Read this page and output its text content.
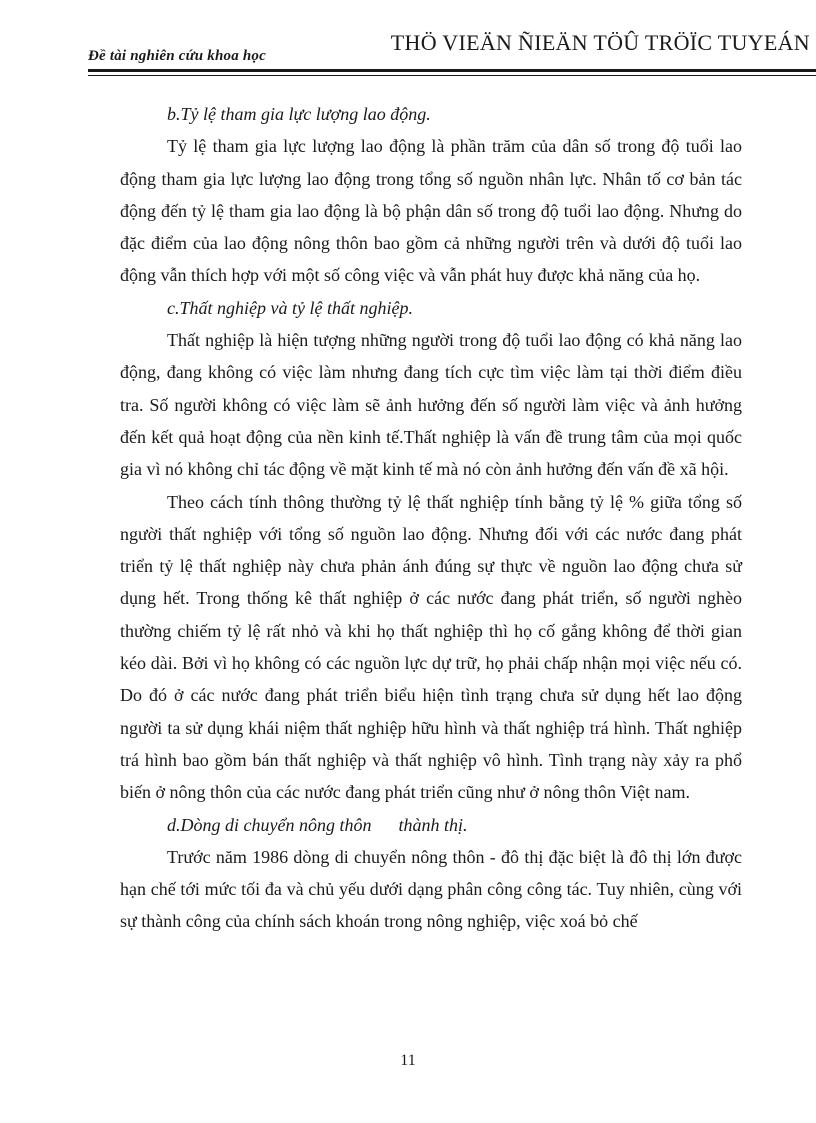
Đề tài nghiên cứu khoa học
THÖ VIEÄN ÑIEÄN TÖÛ TRÖÏC TUYEÁN

b.Tỷ lệ tham gia lực lượng lao động.

Tỷ lệ tham gia lực lượng lao động là phần trăm của dân số trong độ tuổi lao động tham gia lực lượng lao động trong tổng số nguồn nhân lực. Nhân tố cơ bản tác động đến tỷ lệ tham gia lao động là bộ phận dân số trong độ tuổi lao động. Nhưng do đặc điểm của lao động nông thôn bao gồm cả những người trên và dưới độ tuổi lao động vẫn thích hợp với một số công việc và vẫn phát huy được khả năng của họ.

c.Thất nghiệp và tỷ lệ thất nghiệp.

Thất nghiệp là hiện tượng những người trong độ tuổi lao động có khả năng lao động, đang không có việc làm nhưng đang tích cực tìm việc làm tại thời điểm điều tra. Số người không có việc làm sẽ ảnh hưởng đến số người làm việc và ảnh hưởng đến kết quả hoạt động của nền kinh tế.Thất nghiệp là vấn đề trung tâm của mọi quốc gia vì nó không chỉ tác động về mặt kinh tế mà nó còn ảnh hưởng đến vấn đề xã hội.

Theo cách tính thông thường tỷ lệ thất nghiệp tính bằng tỷ lệ % giữa tổng số người thất nghiệp với tổng số nguồn lao động. Nhưng đối với các nước đang phát triển tỷ lệ thất nghiệp này chưa phản ánh đúng sự thực về nguồn lao động chưa sử dụng hết. Trong thống kê thất nghiệp ở các nước đang phát triển, số người nghèo thường chiếm tỷ lệ rất nhỏ và khi họ thất nghiệp thì họ cố gắng không để thời gian kéo dài. Bởi vì họ không có các nguồn lực dự trữ, họ phải chấp nhận mọi việc nếu có. Do đó ở các nước đang phát triển biểu hiện tình trạng chưa sử dụng hết lao động người ta sử dụng khái niệm thất nghiệp hữu hình và thất nghiệp trá hình. Thất nghiệp trá hình bao gồm bán thất nghiệp và thất nghiệp vô hình. Tình trạng này xảy ra phổ biến ở nông thôn của các nước đang phát triển cũng như ở nông thôn Việt nam.

d.Dòng di chuyển nông thôn      thành thị.

Trước năm 1986 dòng di chuyển nông thôn - đô thị đặc biệt là đô thị lớn được hạn chế tới mức tối đa và chủ yếu dưới dạng phân công công tác. Tuy nhiên, cùng với sự thành công của chính sách khoán trong nông nghiệp, việc xoá bỏ chế

11
